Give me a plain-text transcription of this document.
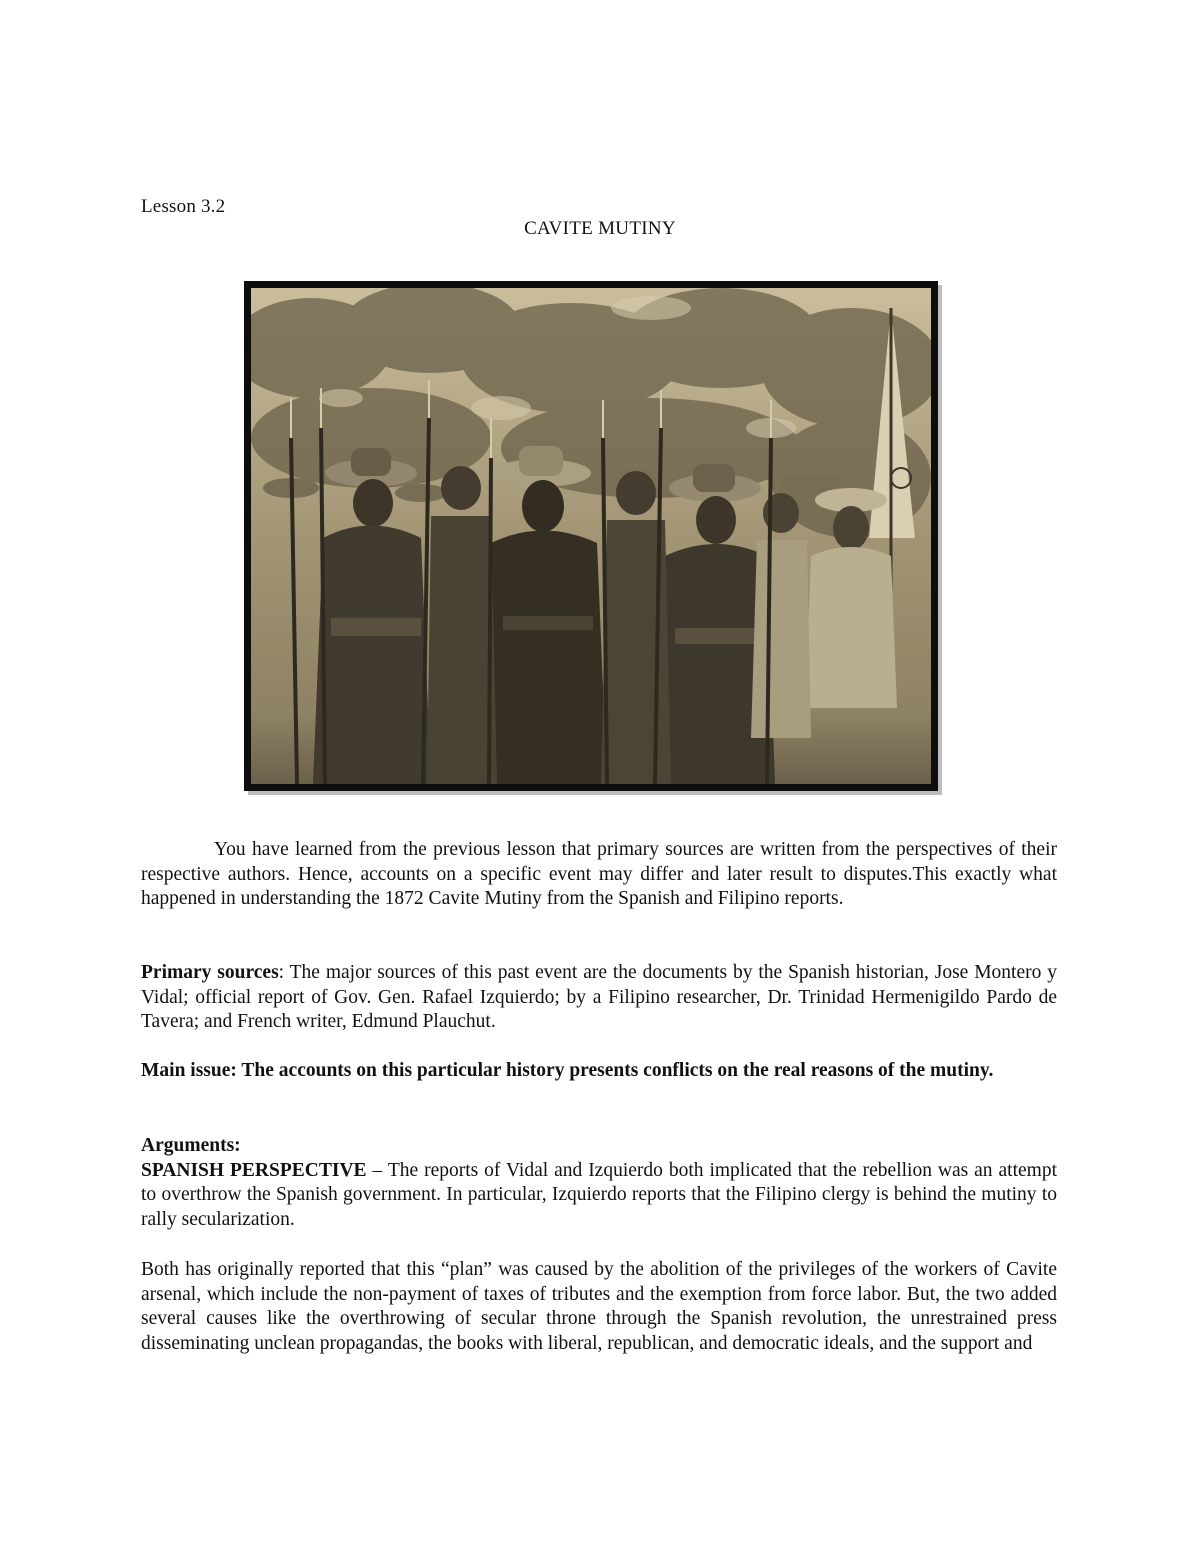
Lesson 3.2
CAVITE MUTINY

You have learned from the previous lesson that primary sources are written from the perspectives of their respective authors. Hence, accounts on a specific event may differ and later result to disputes.This exactly what happened in understanding the 1872 Cavite Mutiny from the Spanish and Filipino reports.

Primary sources: The major sources of this past event are the documents by the Spanish historian, Jose Montero y Vidal; official report of Gov. Gen. Rafael Izquierdo; by a Filipino researcher, Dr. Trinidad Hermenigildo Pardo de Tavera; and French writer, Edmund Plauchut.

Main issue: The accounts on this particular history presents conflicts on the real reasons of the mutiny.

Arguments:

SPANISH PERSPECTIVE – The reports of Vidal and Izquierdo both implicated that the rebellion was an attempt to overthrow the Spanish government. In particular, Izquierdo reports that the Filipino clergy is behind the mutiny to rally secularization.

Both has originally reported that this “plan” was caused by the abolition of the privileges of the workers of Cavite arsenal, which include the non-payment of taxes of tributes and the exemption from force labor. But, the two added several causes like the overthrowing of secular throne through the Spanish revolution, the unrestrained press disseminating unclean propagandas, the books with liberal, republican, and democratic ideals, and the support and
